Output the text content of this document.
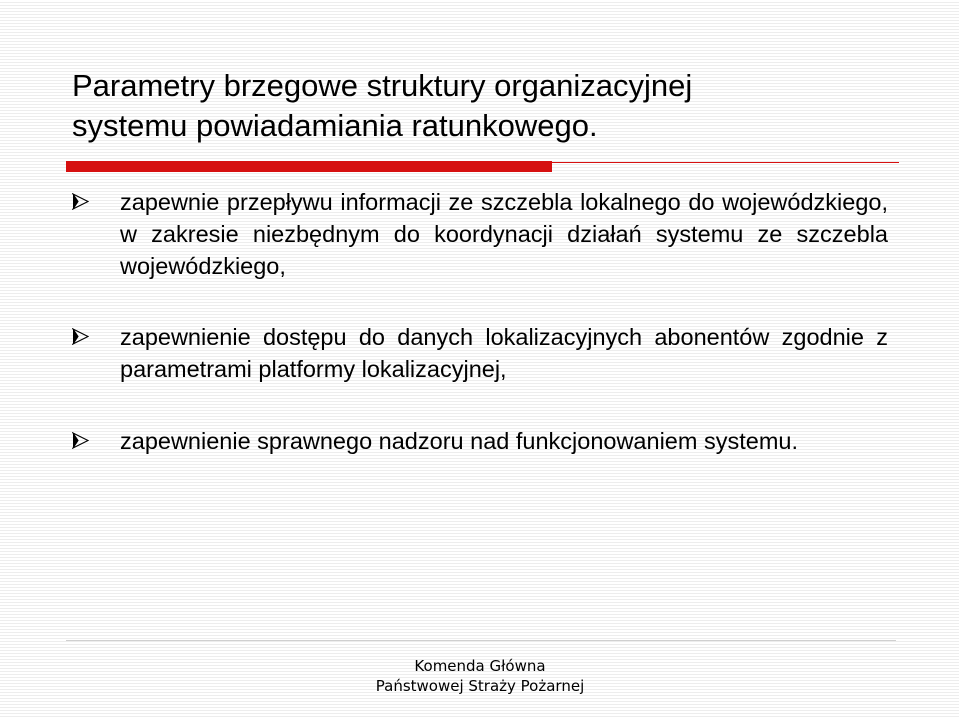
Parametry brzegowe struktury organizacyjnej
systemu powiadamiania ratunkowego.
zapewnie przepływu informacji ze szczebla lokalnego do wojewódzkiego, w zakresie niezbędnym do koordynacji działań systemu ze szczebla wojewódzkiego,
zapewnienie dostępu do danych lokalizacyjnych abonentów zgodnie z parametrami platformy lokalizacyjnej,
zapewnienie sprawnego nadzoru nad funkcjonowaniem systemu.
Komenda Główna
Państwowej Straży Pożarnej
